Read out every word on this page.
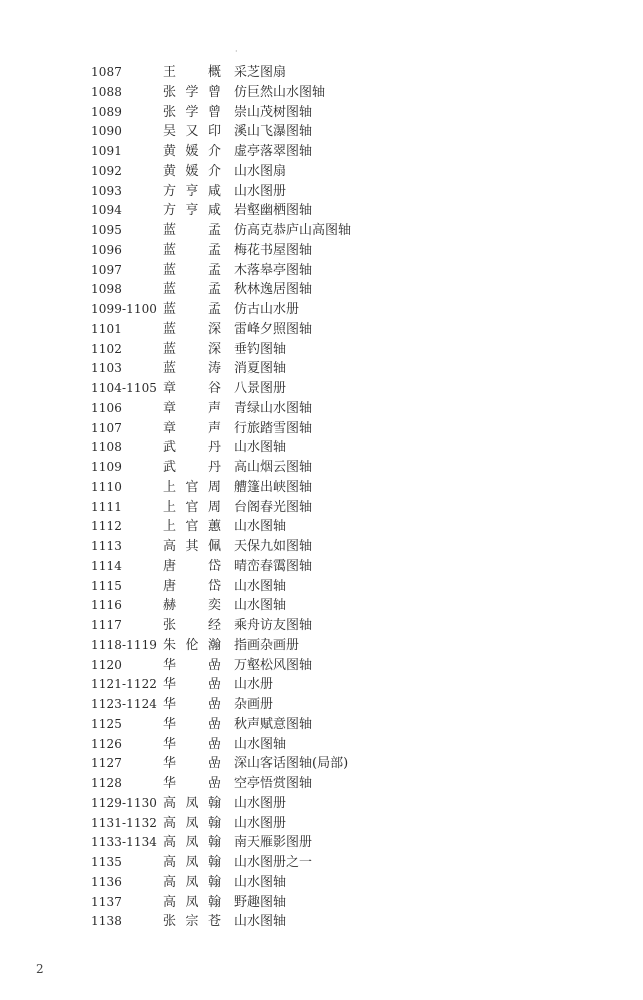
·
1087	王　概 采芝图扇
1088	张学曾 仿巨然山水图轴
1089	张学曾 崇山茂树图轴
1090	吴又印 溪山飞瀑图轴
1091	黄媛介 虚亭落翠图轴
1092	黄媛介 山水图扇
1093	方亨咸 山水图册
1094	方亨咸 岩壑幽栖图轴
1095	蓝　孟 仿高克恭庐山高图轴
1096	蓝　孟 梅花书屋图轴
1097	蓝　孟 木落皋亭图轴
1098	蓝　孟 秋林逸居图轴
1099-1100 蓝　孟 仿古山水册
1101	蓝　深 雷峰夕照图轴
1102	蓝　深 垂钓图轴
1103	蓝　涛 消夏图轴
1104-1105 章　谷 八景图册
1106	章　声 青绿山水图轴
1107	章　声 行旅踏雪图轴
1108	武　丹 山水图轴
1109	武　丹 高山烟云图轴
1110	上官周 艚篷出峡图轴
1111	上官周 台阁春光图轴
1112	上官蕙 山水图轴
1113	高其佩 天保九如图轴
1114	唐　岱 晴峦春霭图轴
1115	唐　岱 山水图轴
1116	赫　奕 山水图轴
1117	张　经 乘舟访友图轴
1118-1119 朱伦瀚 指画杂画册
1120	华　嵒 万壑松风图轴
1121-1122 华　嵒 山水册
1123-1124 华　嵒 杂画册
1125	华　嵒 秋声赋意图轴
1126	华　嵒 山水图轴
1127	华　嵒 深山客话图轴(局部)
1128	华　嵒 空亭悟赏图轴
1129-1130 高凤翰 山水图册
1131-1132 高凤翰 山水图册
1133-1134 高凤翰 南天雁影图册
1135	高凤翰 山水图册之一
1136	高凤翰 山水图轴
1137	高凤翰 野趣图轴
1138	张宗苍 山水图轴
2
